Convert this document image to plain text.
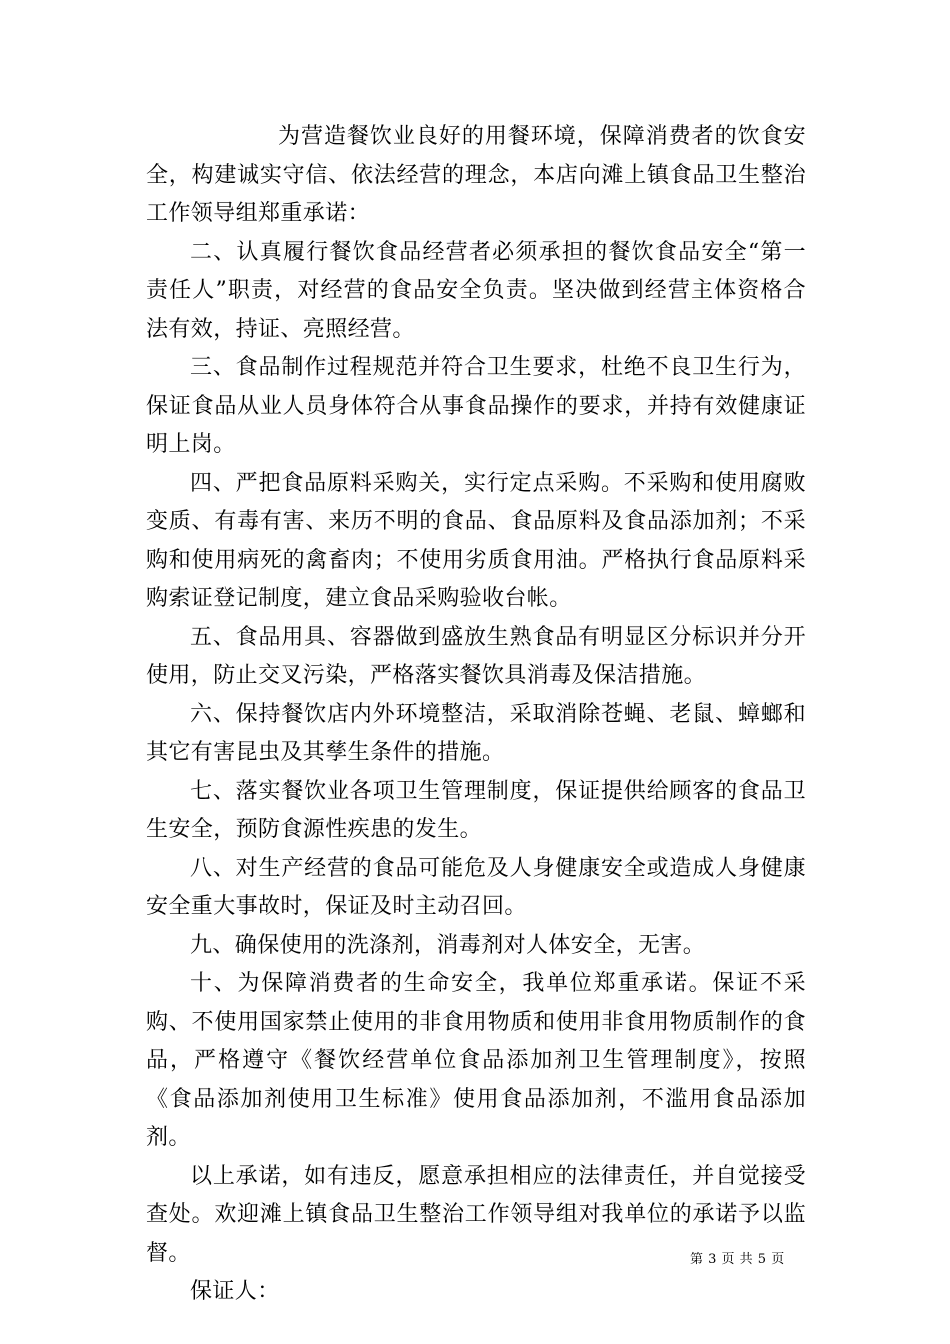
为营造餐饮业良好的用餐环境，保障消费者的饮食安全，构建诚实守信、依法经营的理念，本店向滩上镇食品卫生整治工作领导组郑重承诺：

二、认真履行餐饮食品经营者必须承担的餐饮食品安全“第一责任人”职责，对经营的食品安全负责。坚决做到经营主体资格合法有效，持证、亮照经营。

三、食品制作过程规范并符合卫生要求，杜绝不良卫生行为，保证食品从业人员身体符合从事食品操作的要求，并持有效健康证明上岗。

四、严把食品原料采购关，实行定点采购。不采购和使用腐败变质、有毒有害、来历不明的食品、食品原料及食品添加剂；不采购和使用病死的禽畜肉；不使用劣质食用油。严格执行食品原料采购索证登记制度，建立食品采购验收台帐。

五、食品用具、容器做到盛放生熟食品有明显区分标识并分开使用，防止交叉污染，严格落实餐饮具消毒及保洁措施。

六、保持餐饮店内外环境整洁，采取消除苍蝇、老鼠、蟑螂和其它有害昆虫及其孳生条件的措施。

七、落实餐饮业各项卫生管理制度，保证提供给顾客的食品卫生安全，预防食源性疾患的发生。

八、对生产经营的食品可能危及人身健康安全或造成人身健康安全重大事故时，保证及时主动召回。

九、确保使用的洗涤剂，消毒剂对人体安全，无害。

十、为保障消费者的生命安全，我单位郑重承诺。保证不采购、不使用国家禁止使用的非食用物质和使用非食用物质制作的食品，严格遵守《餐饮经营单位食品添加剂卫生管理制度》，按照《食品添加剂使用卫生标准》使用食品添加剂，不滥用食品添加剂。

以上承诺，如有违反，愿意承担相应的法律责任，并自觉接受查处。欢迎滩上镇食品卫生整治工作领导组对我单位的承诺予以监督。

保证人：

第 3 页 共 5 页
